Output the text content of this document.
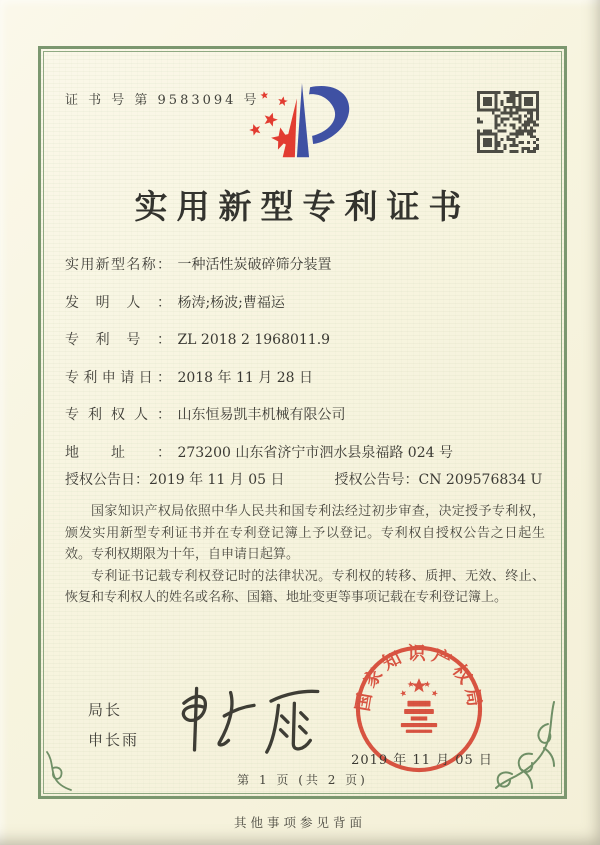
证 书 号 第 9583094 号
实用新型专利证书
实用新型名称： 一种活性炭破碎筛分装置
发明人： 杨涛;杨波;曹福运
专利号： ZL 2018 2 1968011.9
专利申请日： 2018 年 11 月 28 日
专利权人： 山东恒易凯丰机械有限公司
地址： 273200 山东省济宁市泗水县泉福路 024 号
授权公告日：2019 年 11 月 05 日	授权公告号：CN 209576834 U

国家知识产权局依照中华人民共和国专利法经过初步审查，决定授予专利权，颁发实用新型专利证书并在专利登记簿上予以登记。专利权自授权公告之日起生效。专利权期限为十年，自申请日起算。

专利证书记载专利权登记时的法律状况。专利权的转移、质押、无效、终止、恢复和专利权人的姓名或名称、国籍、地址变更等事项记载在专利登记簿上。

局长
申长雨
国家知识产权局
2019 年 11 月 05 日
第 1 页 (共 2 页)
其他事项参见背面
